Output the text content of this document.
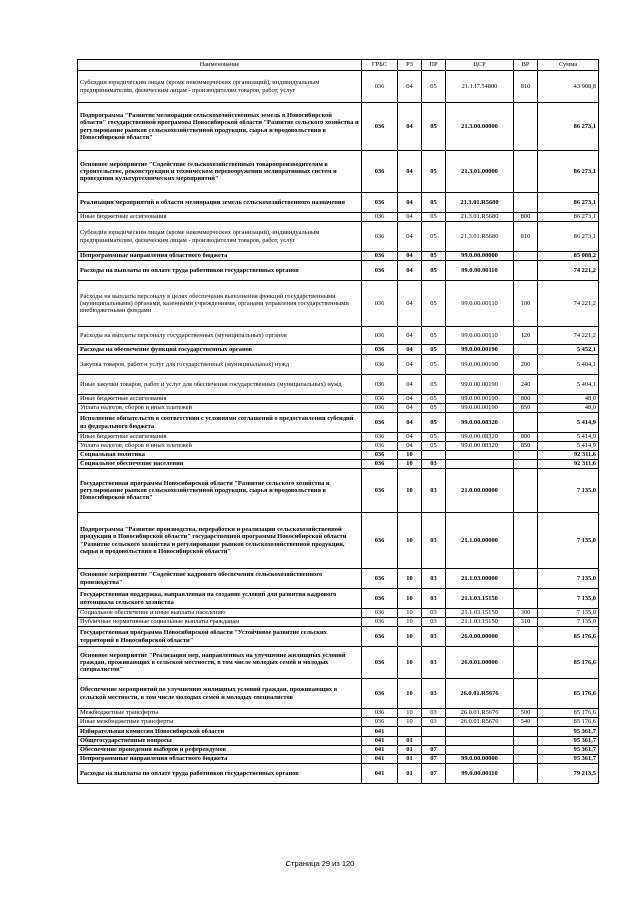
Наименование	ГРБС	РЗ	ПР	ЦСР	ВР	Сумма
Субсидии юридическим лицам (кроме некоммерческих организаций), индивидуальным предпринимателям, физическим лицам - производителям товаров, работ, услуг	036	04	05	21.1.I7.54800	810	43 908,8
Подпрограмма "Развитие мелиорации сельскохозяйственных земель в Новосибирской области" государственной программы Новосибирской области "Развитие сельского хозяйства и регулирование рынков сельскохозяйственной продукции, сырья и продовольствия в Новосибирской области"	036	04	05	21.3.00.00000		86 273,1
Основное мероприятие "Содействие сельскохозяйственным товаропроизводителям в строительстве, реконструкции и техническом перевооружении мелиоративных систем и проведении культуртехнических мероприятий"	036	04	05	21.3.01.00000		86 273,1
Реализация мероприятий в области мелиорации земель сельскохозяйственного назначения	036	04	05	21.3.01.R5680		86 273,1
Иные бюджетные ассигнования	036	04	05	21.3.01.R5680	800	86 273,1
Субсидии юридическим лицам (кроме некоммерческих организаций), индивидуальным предпринимателям, физическим лицам - производителям товаров, работ, услуг	036	04	05	21.3.01.R5680	810	86 273,1
Непрограммные направления областного бюджета	036	04	05	99.0.00.00000		85 088,2
Расходы на выплаты по оплате труда работников государственных органов	036	04	05	99.0.00.00110		74 221,2
Расходы на выплаты персоналу в целях обеспечения выполнения функций государственными (муниципальными) органами, казенными учреждениями, органами управления государственными внебюджетными фондами	036	04	05	99.0.00.00110	100	74 221,2
Расходы на выплаты персоналу государственных (муниципальных) органов	036	04	05	99.0.00.00110	120	74 221,2
Расходы на обеспечение функций государственных органов	036	04	05	99.0.00.00190		5 452,1
Закупка товаров, работ и услуг для государственных (муниципальных) нужд	036	04	05	99.0.00.00190	200	5 404,1
Иные закупки товаров, работ и услуг для обеспечения государственных (муниципальных) нужд	036	04	05	99.0.00.00190	240	5 404,1
Иные бюджетные ассигнования	036	04	05	99.0.00.00190	800	48,0
Уплата налогов, сборов и иных платежей	036	04	05	99.0.00.00190	850	48,0
Исполнение обязательств в соответствии с условиями соглашений о предоставлении субсидий из федерального бюджета	036	04	05	99.0.00.08320		5 414,9
Иные бюджетные ассигнования	036	04	05	99.0.00.08320	800	5 414,9
Уплата налогов, сборов и иных платежей	036	04	05	99.0.00.08320	850	5 414,9
Социальная политика	036	10				92 311,6
Социальное обеспечение населения	036	10	03			92 311,6
Государственная программа Новосибирской области "Развитие сельского хозяйства и регулирование рынков сельскохозяйственной продукции, сырья и продовольствия в Новосибирской области"	036	10	03	21.0.00.00000		7 135,0
Подпрограмма "Развитие производства, переработки и реализации сельскохозяйственной продукции в Новосибирской области" государственной программы Новосибирской области "Развитие сельского хозяйства и регулирование рынков сельскохозяйственной продукции, сырья и продовольствия в Новосибирской области"	036	10	03	21.1.00.00000		7 135,0
Основное мероприятие "Содействие кадрового обеспечения сельскохозяйственного производства"	036	10	03	21.1.03.00000		7 135,0
Государственная поддержка, направленная на создание условий для развития кадрового потенциала сельского хозяйства	036	10	03	21.1.03.15150		7 135,0
Социальное обеспечение и иные выплаты населению	036	10	03	21.1.03.15150	300	7 135,0
Публичные нормативные социальные выплаты гражданам	036	10	03	21.1.03.15150	310	7 135,0
Государственная программа Новосибирской области "Устойчивое развитие сельских территорий в Новосибирской области"	036	10	03	26.0.00.00000		85 176,6
Основное мероприятие "Реализация мер, направленных на улучшение жилищных условий граждан, проживающих в сельской местности, в том числе молодых семей и молодых специалистов"	036	10	03	26.0.01.00000		85 176,6
Обеспечение мероприятий по улучшению жилищных условий граждан, проживающих в сельской местности, в том числе молодых семей и молодых специалистов	036	10	03	26.0.01.R5676		85 176,6
Межбюджетные трансферты	036	10	03	26.0.01.R5676	500	85 176,6
Иные межбюджетные трансферты	036	10	03	26.0.01.R5676	540	85 176,6
Избирательная комиссия Новосибирской области	041					95 361,7
Общегосударственные вопросы	041	01				95 361,7
Обеспечение проведения выборов и референдумов	041	01	07			95 361,7
Непрограммные направления областного бюджета	041	01	07	99.0.00.00000		95 361,7
Расходы на выплаты по оплате труда работников государственных органов	041	01	07	99.0.00.00110		79 213,5
Страница 29 из 120
